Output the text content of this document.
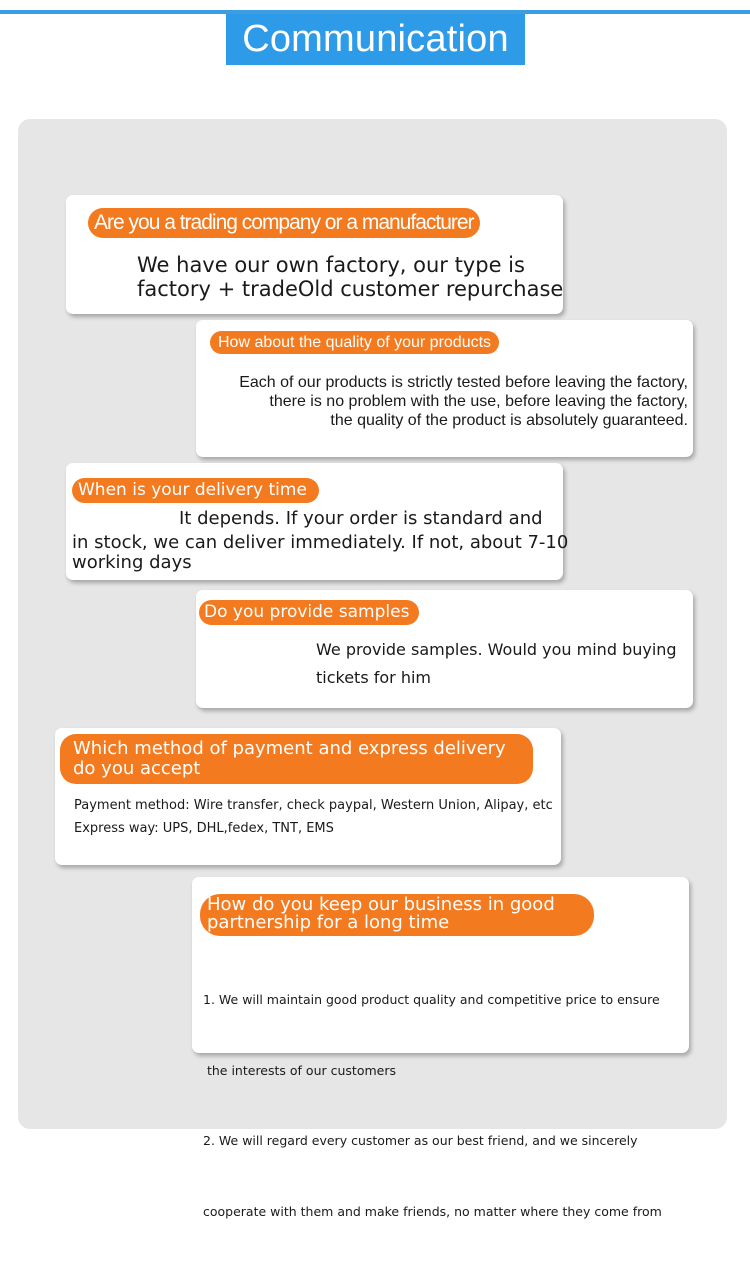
Communication
Are you a trading company or a manufacturer
We have our own factory, our type is
factory + tradeOld customer repurchase
How about the quality of your products
Each of our products is strictly tested before leaving the factory,
there is no problem with the use, before leaving the factory,
the quality of the product is absolutely guaranteed.
When is your delivery time
It depends. If your order is standard and
in stock, we can deliver immediately. If not, about 7-10
working days
Do you provide samples
We provide samples. Would you mind buying
tickets for him
Which method of payment and express delivery
do you accept
Payment method: Wire transfer, check paypal, Western Union, Alipay, etc
Express way: UPS, DHL,fedex, TNT, EMS
How do you keep our business in good
partnership for a long time

1. We will maintain good product quality and competitive price to ensure

the interests of our customers

2. We will regard every customer as our best friend, and we sincerely

cooperate with them and make friends, no matter where they come from
